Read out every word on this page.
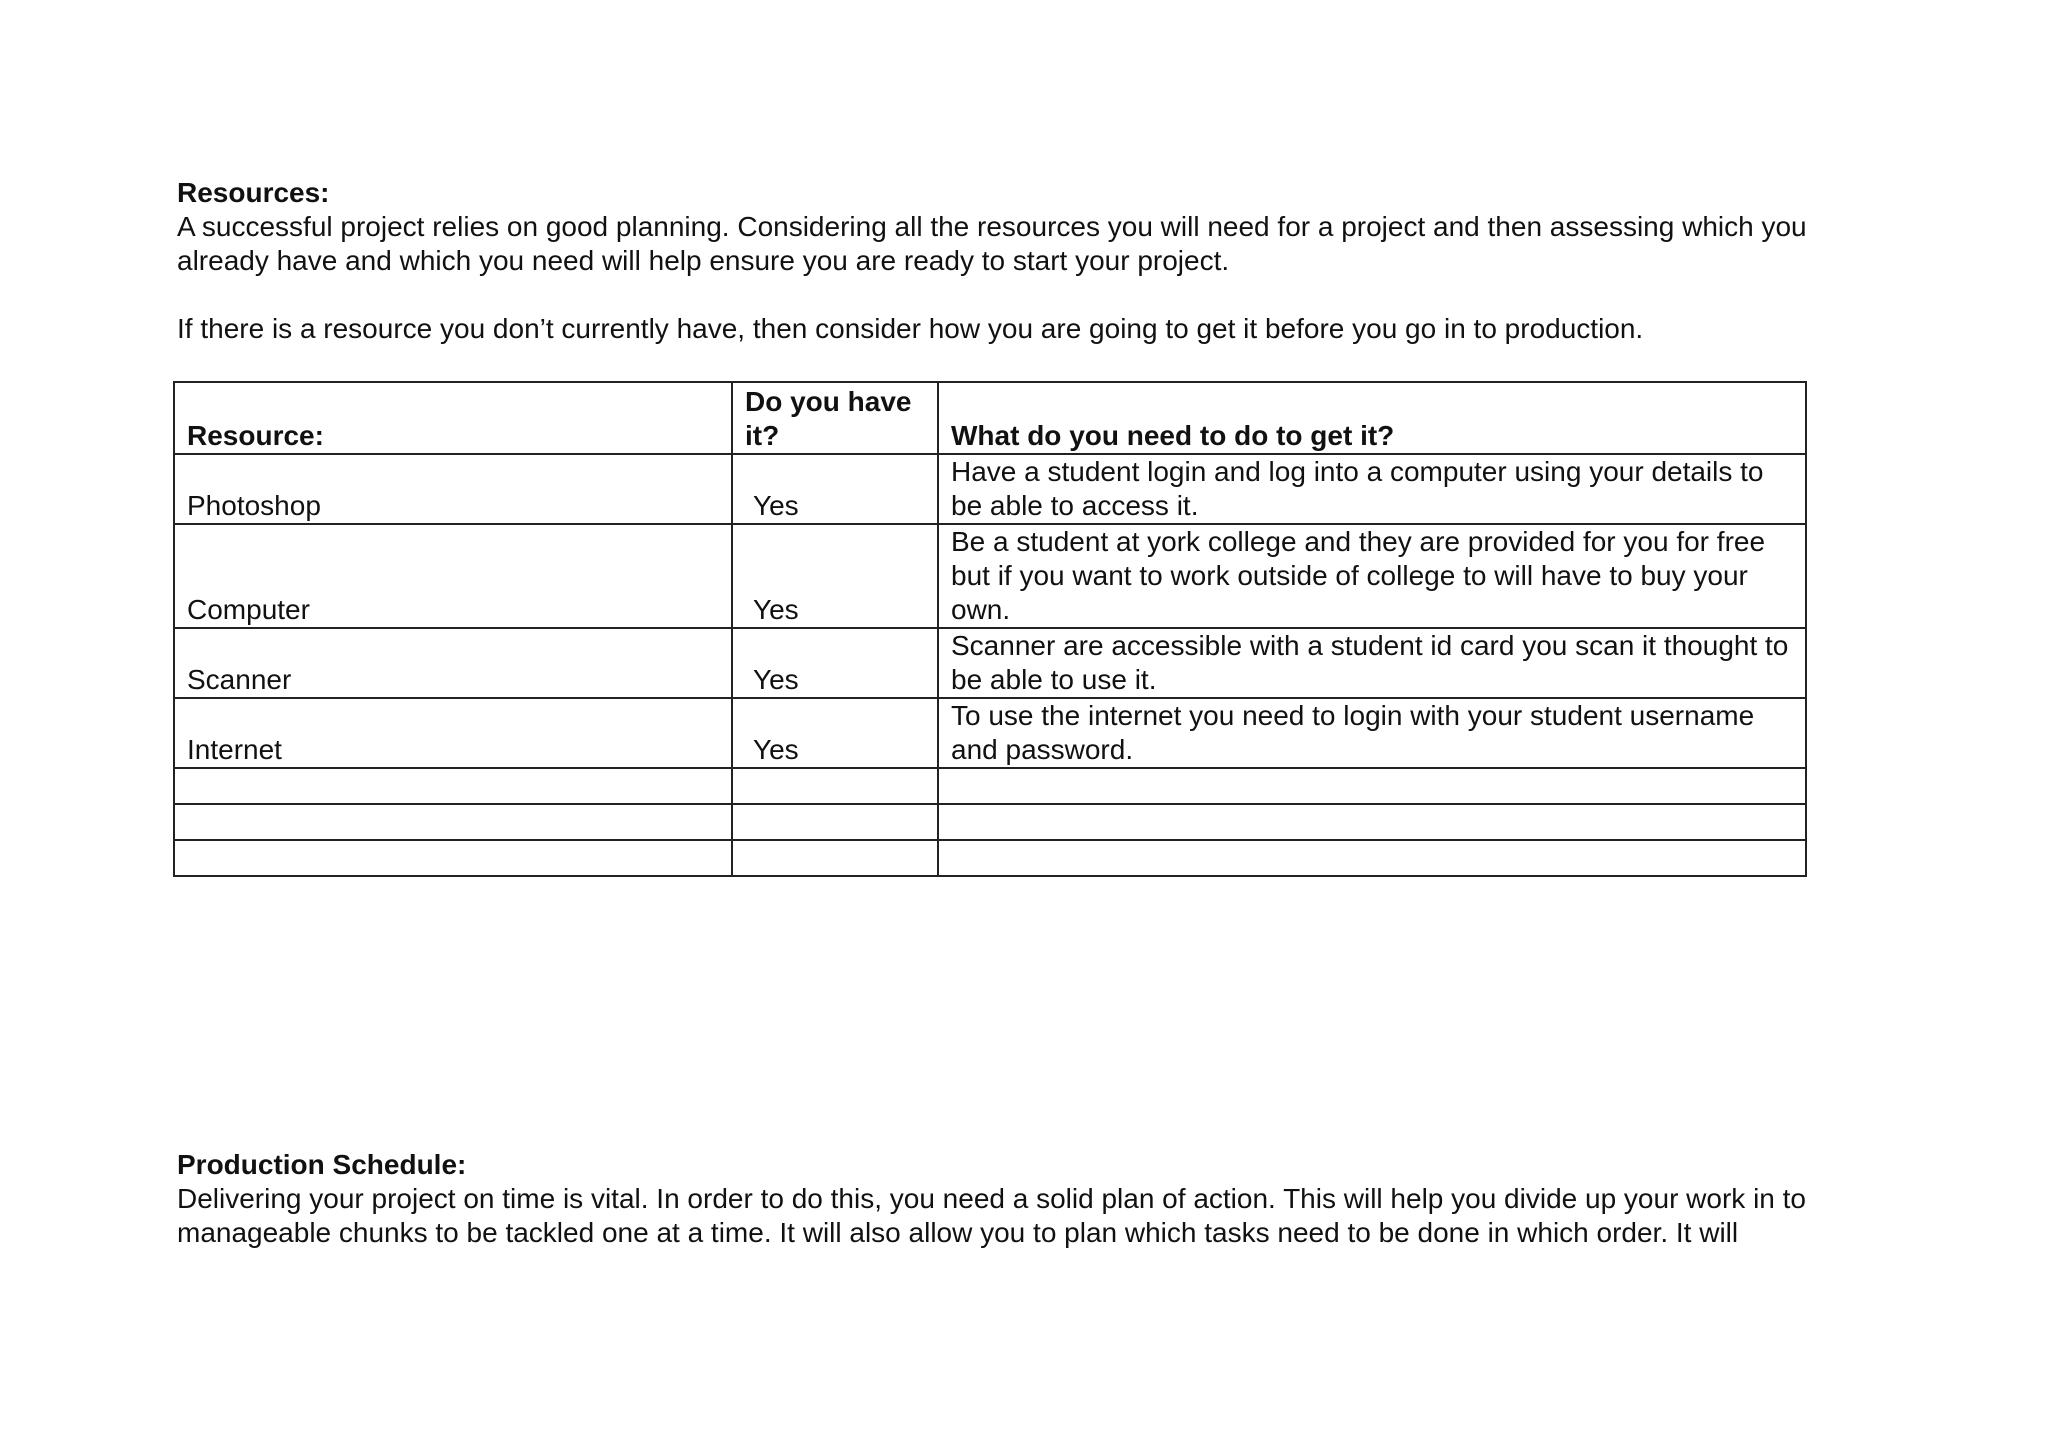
Resources:

A successful project relies on good planning. Considering all the resources you will need for a project and then assessing which you already have and which you need will help ensure you are ready to start your project.

If there is a resource you don’t currently have, then consider how you are going to get it before you go in to production.

Resource:	Do you have it?	What do you need to do to get it?
Photoshop	Yes	Have a student login and log into a computer using your details to be able to access it.
Computer	Yes	Be a student at york college and they are provided for you for free but if you want to work outside of college to will have to buy your own.
Scanner	Yes	Scanner are accessible with a student id card you scan it thought to be able to use it.
Internet	Yes	To use the internet you need to login with your student username and password.

Production Schedule:

Delivering your project on time is vital. In order to do this, you need a solid plan of action. This will help you divide up your work in to manageable chunks to be tackled one at a time. It will also allow you to plan which tasks need to be done in which order. It will
